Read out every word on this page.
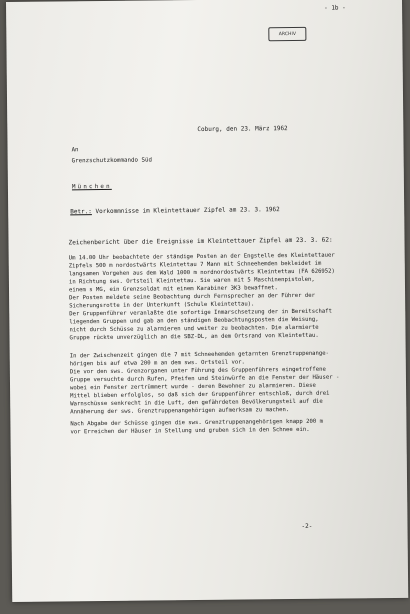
- 1b -
ARCHIV
Coburg, den 23. März 1962
An
Grenzschutzkommando Süd
München
Betr.: Vorkommnisse im Kleintettauer Zipfel am 23. 3. 1962
Zeichenbericht über die Ereignisse im Kleintettauer Zipfel am 23. 3. 62:
Um 14.00 Uhr beobachtete der ständige Posten an der Engstelle des Kleintettauer
Zipfels 500 m nordostwärts Kleintettau 7 Mann mit Schneehemden bekleidet im
langsamen Vorgehen aus dem Wald 1000 m nordnordostwärts Kleintettau (FA 626952)
in Richtung sws. Ortsteil Kleintettau. Sie waren mit 5 Maschinenpistolen,
einem s MG, ein Grenzsoldat mit einem Karabiner 3K3 bewaffnet.
Der Posten meldete seine Beobachtung durch Fernsprecher an der Führer der
Sicherungsrotte in der Unterkunft (Schule Kleintettau).
Der Gruppenführer veranlaßte die sofortige Inmarschsetzung der in Bereitschaft
liegenden Gruppen und gab an den ständigen Beobachtungsposten die Weisung,
nicht durch Schüsse zu alarmieren und weiter zu beobachten. Die alarmierte
Gruppe rückte unverzüglich an die SBZ-DL, an dem Ortsrand von Kleintettau.
In der Zwischenzeit gingen die 7 mit Schneehemden getarnten Grenztruppenange-
hörigen bis auf etwa 200 m an dem sws. Ortsteil vor.
Die vor den sws. Grenzorganen unter Führung des Gruppenführers eingetroffene
Gruppe versuchte durch Rufen, Pfeifen und Steinwürfe an die Fenster der Häuser -
wobei ein Fenster zertrümmert wurde - deren Bewohner zu alarmieren. Diese
Mittel blieben erfolglos, so daß sich der Gruppenführer entschloß, durch drei
Warnschüsse senkrecht in die Luft, den gefährdeten Bevölkerungsteil auf die
Annäherung der sws. Grenztruppenangehörigen aufmerksam zu machen.
Nach Abgabe der Schüsse gingen die sws. Grenztruppenangehörigen knapp 200 m
vor Erreichen der Häuser in Stellung und gruben sich in den Schnee ein.
-2-
